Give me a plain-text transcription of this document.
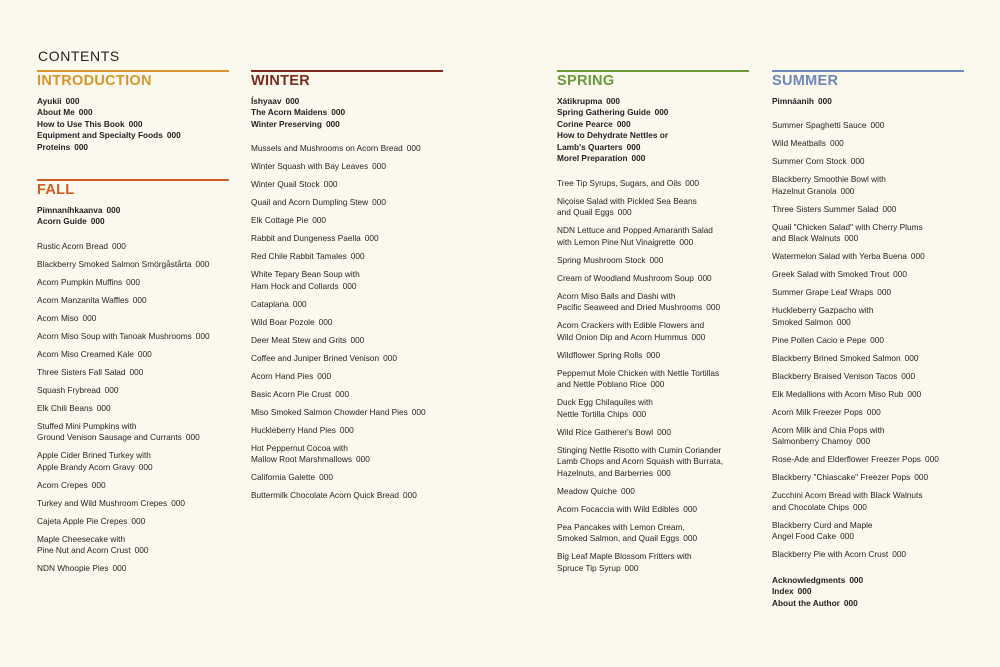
CONTENTS
INTRODUCTION
Ayukii 000
About Me 000
How to Use This Book 000
Equipment and Specialty Foods 000
Proteins 000
FALL
Pimnaníhkaanva 000
Acorn Guide 000
Rustic Acorn Bread 000
Blackberry Smoked Salmon Smörgåstårta 000
Acorn Pumpkin Muffins 000
Acorn Manzanita Waffles 000
Acorn Miso 000
Acorn Miso Soup with Tanoak Mushrooms 000
Acorn Miso Creamed Kale 000
Three Sisters Fall Salad 000
Squash Frybread 000
Elk Chili Beans 000
Stuffed Mini Pumpkins with
Ground Venison Sausage and Currants 000
Apple Cider Brined Turkey with
Apple Brandy Acorn Gravy 000
Acorn Crepes 000
Turkey and Wild Mushroom Crepes 000
Cajeta Apple Pie Crepes 000
Maple Cheesecake with
Pine Nut and Acorn Crust 000
NDN Whoopie Pies 000
WINTER
Íshyaav 000
The Acorn Maidens 000
Winter Preserving 000
Mussels and Mushrooms on Acorn Bread 000
Winter Squash with Bay Leaves 000
Winter Quail Stock 000
Quail and Acorn Dumpling Stew 000
Elk Cottage Pie 000
Rabbit and Dungeness Paella 000
Red Chile Rabbit Tamales 000
White Tepary Bean Soup with
Ham Hock and Collards 000
Cataplana 000
Wild Boar Pozole 000
Deer Meat Stew and Grits 000
Coffee and Juniper Brined Venison 000
Acorn Hand Pies 000
Basic Acorn Pie Crust 000
Miso Smoked Salmon Chowder Hand Pies 000
Huckleberry Hand Pies 000
Hot Peppernut Cocoa with
Mallow Root Marshmallows 000
California Galette 000
Buttermilk Chocolate Acorn Quick Bread 000
SPRING
Xátikrupma 000
Spring Gathering Guide 000
Corine Pearce 000
How to Dehydrate Nettles or
Lamb's Quarters 000
Morel Preparation 000
Tree Tip Syrups, Sugars, and Oils 000
Niçoise Salad with Pickled Sea Beans
and Quail Eggs 000
NDN Lettuce and Popped Amaranth Salad
with Lemon Pine Nut Vinaigrette 000
Spring Mushroom Stock 000
Cream of Woodland Mushroom Soup 000
Acorn Miso Balls and Dashi with
Pacific Seaweed and Dried Mushrooms 000
Acorn Crackers with Edible Flowers and
Wild Onion Dip and Acorn Hummus 000
Wildflower Spring Rolls 000
Peppernut Mole Chicken with Nettle Tortillas
and Nettle Poblano Rice 000
Duck Egg Chilaquiles with
Nettle Tortilla Chips 000
Wild Rice Gatherer's Bowl 000
Stinging Nettle Risotto with Cumin Coriander
Lamb Chops and Acorn Squash with Burrata,
Hazelnuts, and Barberries 000
Meadow Quiche 000
Acorn Focaccia with Wild Edibles 000
Pea Pancakes with Lemon Cream,
Smoked Salmon, and Quail Eggs 000
Big Leaf Maple Blossom Fritters with
Spruce Tip Syrup 000
SUMMER
Pimnáanih 000
Summer Spaghetti Sauce 000
Wild Meatballs 000
Summer Corn Stock 000
Blackberry Smoothie Bowl with
Hazelnut Granola 000
Three Sisters Summer Salad 000
Quail "Chicken Salad" with Cherry Plums
and Black Walnuts 000
Watermelon Salad with Yerba Buena 000
Greek Salad with Smoked Trout 000
Summer Grape Leaf Wraps 000
Huckleberry Gazpacho with
Smoked Salmon 000
Pine Pollen Cacio e Pepe 000
Blackberry Brined Smoked Salmon 000
Blackberry Braised Venison Tacos 000
Elk Medallions with Acorn Miso Rub 000
Acorn Milk Freezer Pops 000
Acorn Milk and Chia Pops with
Salmonberry Chamoy 000
Rose-Ade and Elderflower Freezer Pops 000
Blackberry "Chiascake" Freezer Pops 000
Zucchini Acorn Bread with Black Walnuts
and Chocolate Chips 000
Blackberry Curd and Maple
Angel Food Cake 000
Blackberry Pie with Acorn Crust 000
Acknowledgments 000
Index 000
About the Author 000
